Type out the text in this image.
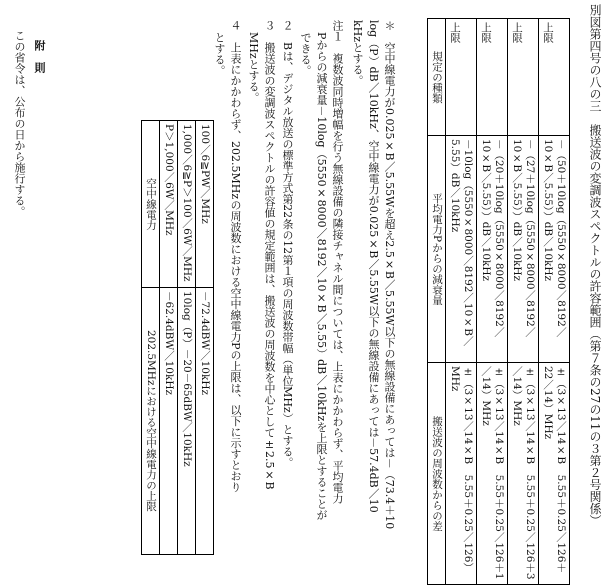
別図第四号の八の三　搬送波の変調波スペクトルの許容範囲（第７条の27の11の３第２号関係）
規定の種類	上限	上限	上限	上限

平均電力Pからの減衰量	－10log（5550×8000／8192／10×B／5.55）dB／10kHz	－（20＋10log（5550×8000／8192／10×B／5.55））dB／10kHz	－（27＋10log（5550×8000／8192／10×B／5.55））dB／10kHz	－（50＋10log（5550×8000／8192／10×B／5.55））dB／10kHz

搬送波の周波数からの差	±（3×13／14×B　5.55＋0.25／126）MHz	±（3×13／14×B　5.55＋0.25／126＋1／14）MHz	±（3×13／14×B　5.55＋0.25／126＋3／14）MHz	±（3×13／14×B　5.55＋0.25／126＋22／14）MHz
＊　空中線電力が0.025×B／5.55Wを超え2.5×B／5.55W以下の無線設備にあっては－（73.4＋10
log（P）dB／10kHz、空中線電力が0.025×B／5.55W以下の無線設備にあっては－57.4dB／10
kHzとする。
注１　複数波同時増幅を行う無線設備の隣接チャネル間については、上表にかかわらず、平均電力
Pからの減衰量－10log（5550×8000／8192／10×B／5.55）dB／10kHzを上限とすることが
できる。
２　Bは、デジタル放送の標準方式第22条の12第１項の周波数帯幅（単位MHz）とする。
３　搬送波の変調波スペクトルの許容値の規定範囲は、搬送波の周波数を中心として±2.5×B
MHzとする。
４　上表にかかわらず、202.5MHzの周波数における空中線電力Pの上限は、以下に示すとおり
とする。
空中線電力	P＞1,000／6W／MHz	1,000／6≧P＞100／6W／MHz	100／6≧PW／MHz

202.5MHzにおける空中線電力の上限	－62.4dBW／10kHz	10log（P）－20－65dBW／10kHz	－72.4dBW／10kHz
附　則
この省令は、公布の日から施行する。
